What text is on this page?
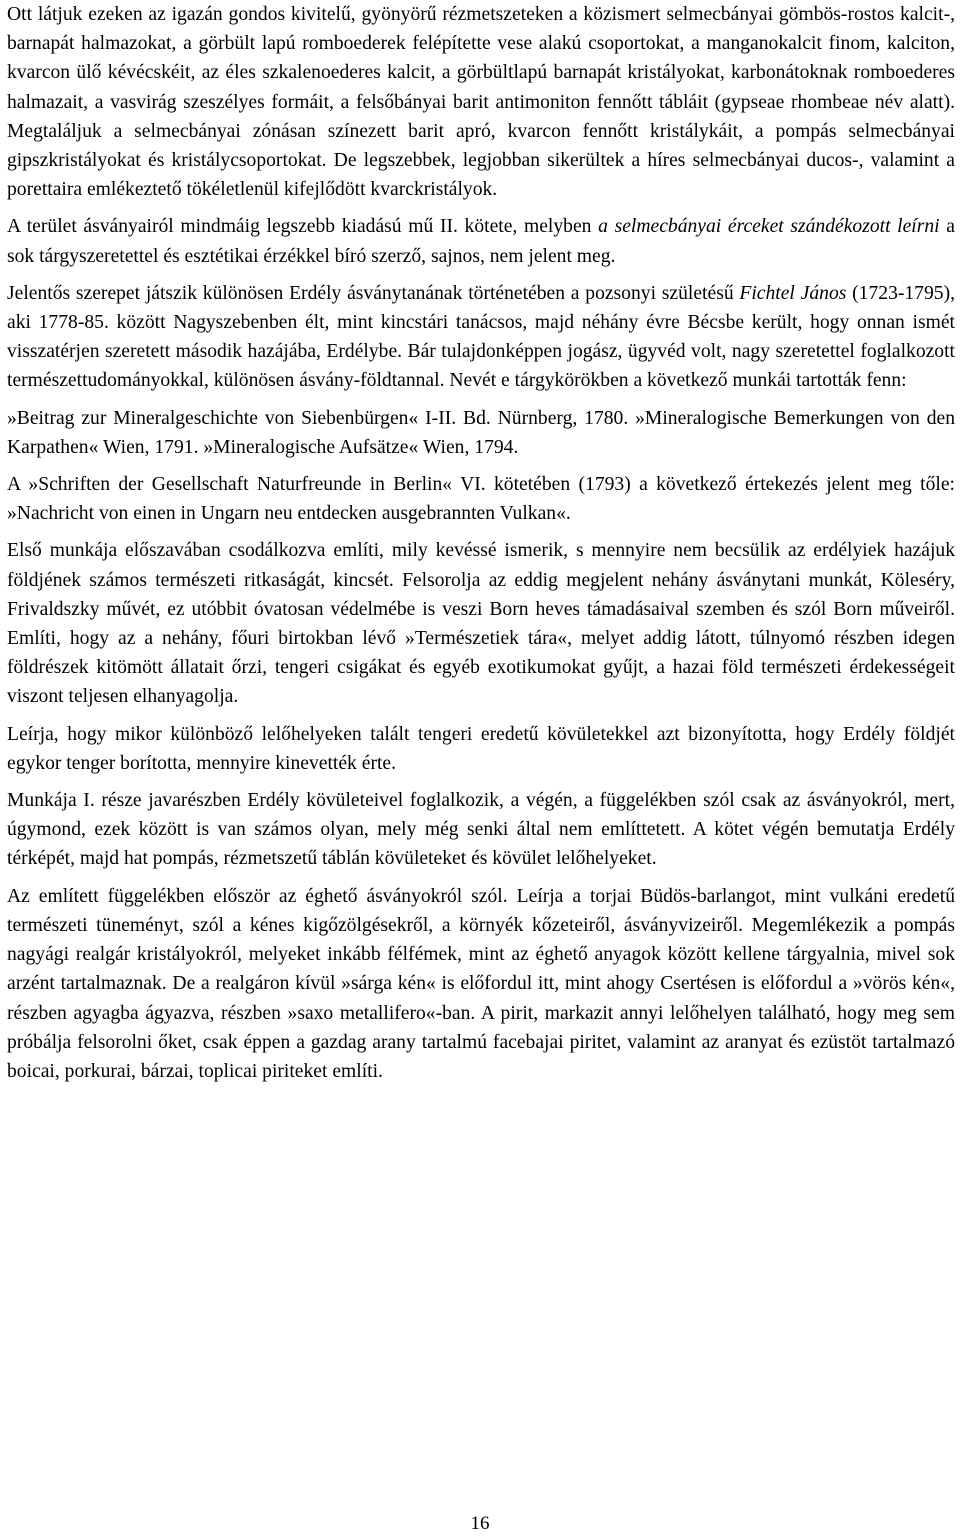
Ott látjuk ezeken az igazán gondos kivitelű, gyönyörű rézmetszeteken a közismert selmecbányai gömbös-rostos kalcit-, barnapát halmazokat, a görbült lapú romboederek felépítette vese alakú csoportokat, a manganokalcit finom, kalciton, kvarcon ülő kévécskéit, az éles szkalenoederes kalcit, a görbültlapú barnapát kristályokat, karbonátoknak romboederes halmazait, a vasvirág szeszélyes formáit, a felsőbányai barit antimoniton fennőtt tábláit (gypseae rhombeae név alatt). Megtaláljuk a selmecbányai zónásan színezett barit apró, kvarcon fennőtt kristálykáit, a pompás selmecbányai gipszkristályokat és kristálycsoportokat. De legszebbek, legjobban sikerültek a híres selmecbányai ducos-, valamint a porettaira emlékeztető tökéletlenül kifejlődött kvarckristályok.

A terület ásványairól mindmáig legszebb kiadású mű II. kötete, melyben a selmecbányai érceket szándékozott leírni a sok tárgyszeretettel és esztétikai érzékkel bíró szerző, sajnos, nem jelent meg.

Jelentős szerepet játszik különösen Erdély ásványtanának történetében a pozsonyi születésű Fichtel János (1723-1795), aki 1778-85. között Nagyszebenben élt, mint kincstári tanácsos, majd néhány évre Bécsbe került, hogy onnan ismét visszatérjen szeretett második hazájába, Erdélybe. Bár tulajdonképpen jogász, ügyvéd volt, nagy szeretettel foglalkozott természettudományokkal, különösen ásvány-földtannal. Nevét e tárgykörökben a következő munkái tartották fenn:

»Beitrag zur Mineralgeschichte von Siebenbürgen« I-II. Bd. Nürnberg, 1780. »Mineralogische Bemerkungen von den Karpathen« Wien, 1791. »Mineralogische Aufsätze« Wien, 1794.

A »Schriften der Gesellschaft Naturfreunde in Berlin« VI. kötetében (1793) a következő értekezés jelent meg tőle: »Nachricht von einen in Ungarn neu entdecken ausgebrannten Vulkan«.

Első munkája előszavában csodálkozva említi, mily kevéssé ismerik, s mennyire nem becsülik az erdélyiek hazájuk földjének számos természeti ritkaságát, kincsét. Felsorolja az eddig megjelent nehány ásványtani munkát, Köleséry, Frivaldszky művét, ez utóbbit óvatosan védelmébe is veszi Born heves támadásaival szemben és szól Born műveiről. Említi, hogy az a nehány, főuri birtokban lévő »Természetiek tára«, melyet addig látott, túlnyomó részben idegen földrészek kitömött állatait őrzi, tengeri csigákat és egyéb exotikumokat gyűjt, a hazai föld természeti érdekességeit viszont teljesen elhanyagolja.

Leírja, hogy mikor különböző lelőhelyeken talált tengeri eredetű kövületekkel azt bizonyította, hogy Erdély földjét egykor tenger borította, mennyire kinevették érte.

Munkája I. része javarészben Erdély kövületeivel foglalkozik, a végén, a függelékben szól csak az ásványokról, mert, úgymond, ezek között is van számos olyan, mely még senki által nem említtetett. A kötet végén bemutatja Erdély térképét, majd hat pompás, rézmetszetű táblán kövületeket és kövület lelőhelyeket.

Az említett függelékben először az éghető ásványokról szól. Leírja a torjai Büdös-barlangot, mint vulkáni eredetű természeti tüneményt, szól a kénes kigőzölgésekről, a környék kőzeteiről, ásványvizeiről. Megemlékezik a pompás nagyági realgár kristályokról, melyeket inkább félfémek, mint az éghető anyagok között kellene tárgyalnia, mivel sok arzént tartalmaznak. De a realgáron kívül »sárga kén« is előfordul itt, mint ahogy Csertésen is előfordul a »vörös kén«, részben agyagba ágyazva, részben »saxo metallifero«-ban. A pirit, markazit annyi lelőhelyen található, hogy meg sem próbálja felsorolni őket, csak éppen a gazdag arany tartalmú facebajai piritet, valamint az aranyat és ezüstöt tartalmazó boicai, porkurai, bárzai, toplicai piriteket említi.

16
